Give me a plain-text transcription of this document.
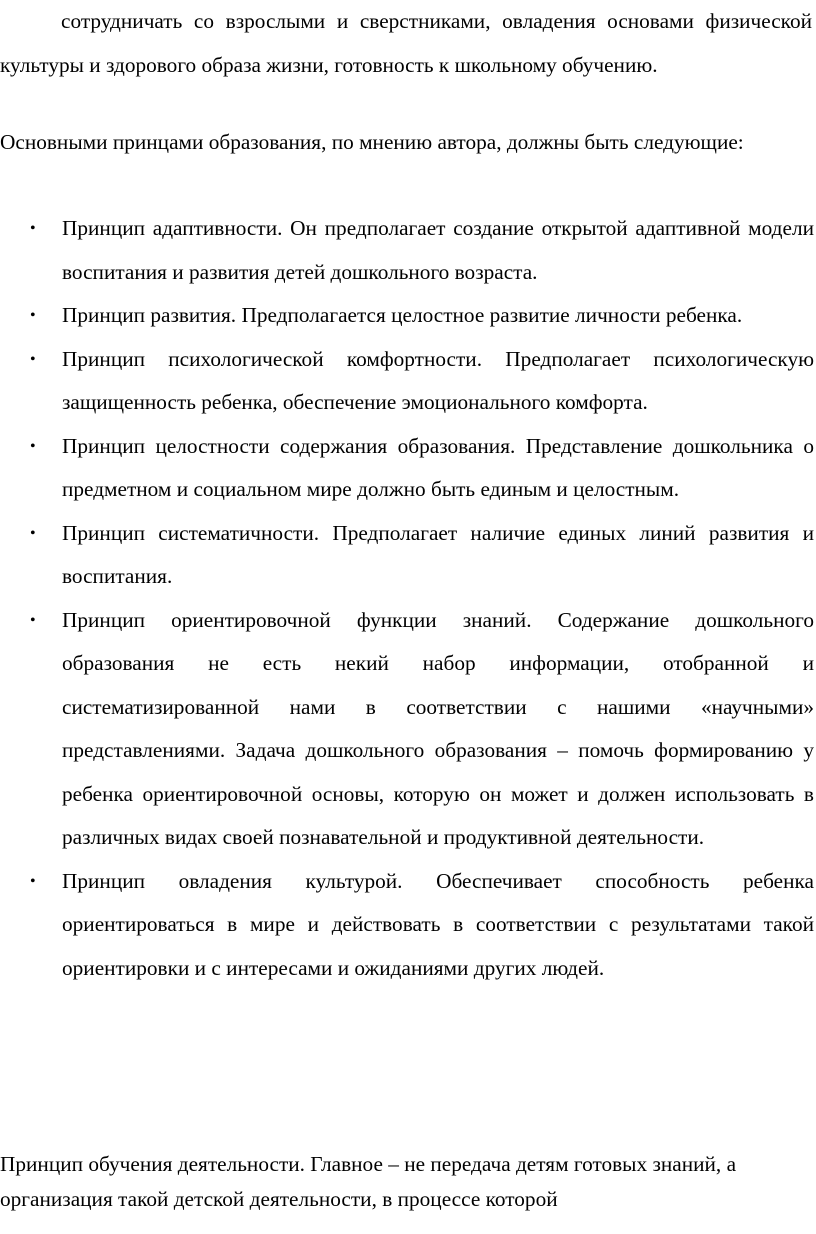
сотрудничать со взрослыми и сверстниками, овладения основами физической культуры и здорового образа жизни, готовность к школьному обучению.

Основными принцами образования, по мнению автора, должны быть следующие:

• Принцип адаптивности. Он предполагает создание открытой адаптивной модели воспитания и развития детей дошкольного возраста.
• Принцип развития. Предполагается целостное развитие личности ребенка.
• Принцип психологической комфортности. Предполагает психологическую защищенность ребенка, обеспечение эмоционального комфорта.
• Принцип целостности содержания образования. Представление дошкольника о предметном и социальном мире должно быть единым и целостным.
• Принцип систематичности. Предполагает наличие единых линий развития и воспитания.
• Принцип ориентировочной функции знаний. Содержание дошкольного образования не есть некий набор информации, отобранной и систематизированной нами в соответствии с нашими «научными» представлениями. Задача дошкольного образования – помочь формированию у ребенка ориентировочной основы, которую он может и должен использовать в различных видах своей познавательной и продуктивной деятельности.
• Принцип овладения культурой. Обеспечивает способность ребенка ориентироваться в мире и действовать в соответствии с результатами такой ориентировки и с интересами и ожиданиями других людей.

Принцип обучения деятельности. Главное – не передача детям готовых знаний, а организация такой детской деятельности, в процессе которой
